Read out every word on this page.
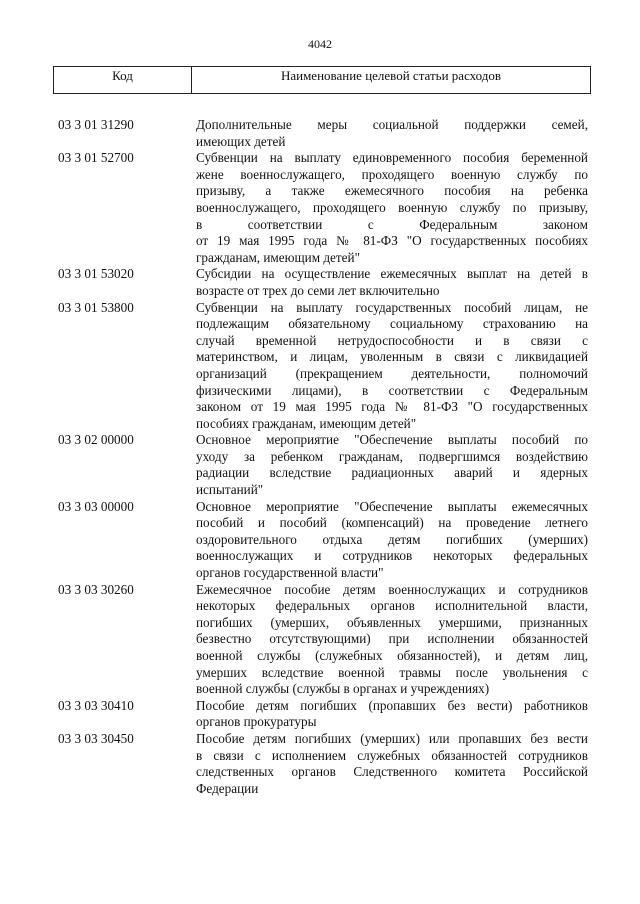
4042
Код	Наименование целевой статьи расходов
03 3 01 31290	Дополнительные меры социальной поддержки семей,
имеющих детей
03 3 01 52700	Субвенции на выплату единовременного пособия беременной
жене военнослужащего, проходящего военную службу по
призыву, а также ежемесячного пособия на ребенка
военнослужащего, проходящего военную службу по призыву,
в соответствии с Федеральным законом
от 19 мая 1995 года № 81-ФЗ "О государственных пособиях
гражданам, имеющим детей"
03 3 01 53020	Субсидии на осуществление ежемесячных выплат на детей в
возрасте от трех до семи лет включительно
03 3 01 53800	Субвенции на выплату государственных пособий лицам, не
подлежащим обязательному социальному страхованию на
случай временной нетрудоспособности и в связи с
материнством, и лицам, уволенным в связи с ликвидацией
организаций (прекращением деятельности, полномочий
физическими лицами), в соответствии с Федеральным
законом от 19 мая 1995 года № 81-ФЗ "О государственных
пособиях гражданам, имеющим детей"
03 3 02 00000	Основное мероприятие "Обеспечение выплаты пособий по
уходу за ребенком гражданам, подвергшимся воздействию
радиации вследствие радиационных аварий и ядерных
испытаний"
03 3 03 00000	Основное мероприятие "Обеспечение выплаты ежемесячных
пособий и пособий (компенсаций) на проведение летнего
оздоровительного отдыха детям погибших (умерших)
военнослужащих и сотрудников некоторых федеральных
органов государственной власти"
03 3 03 30260	Ежемесячное пособие детям военнослужащих и сотрудников
некоторых федеральных органов исполнительной власти,
погибших (умерших, объявленных умершими, признанных
безвестно отсутствующими) при исполнении обязанностей
военной службы (служебных обязанностей), и детям лиц,
умерших вследствие военной травмы после увольнения с
военной службы (службы в органах и учреждениях)
03 3 03 30410	Пособие детям погибших (пропавших без вести) работников
органов прокуратуры
03 3 03 30450	Пособие детям погибших (умерших) или пропавших без вести
в связи с исполнением служебных обязанностей сотрудников
следственных органов Следственного комитета Российской
Федерации
